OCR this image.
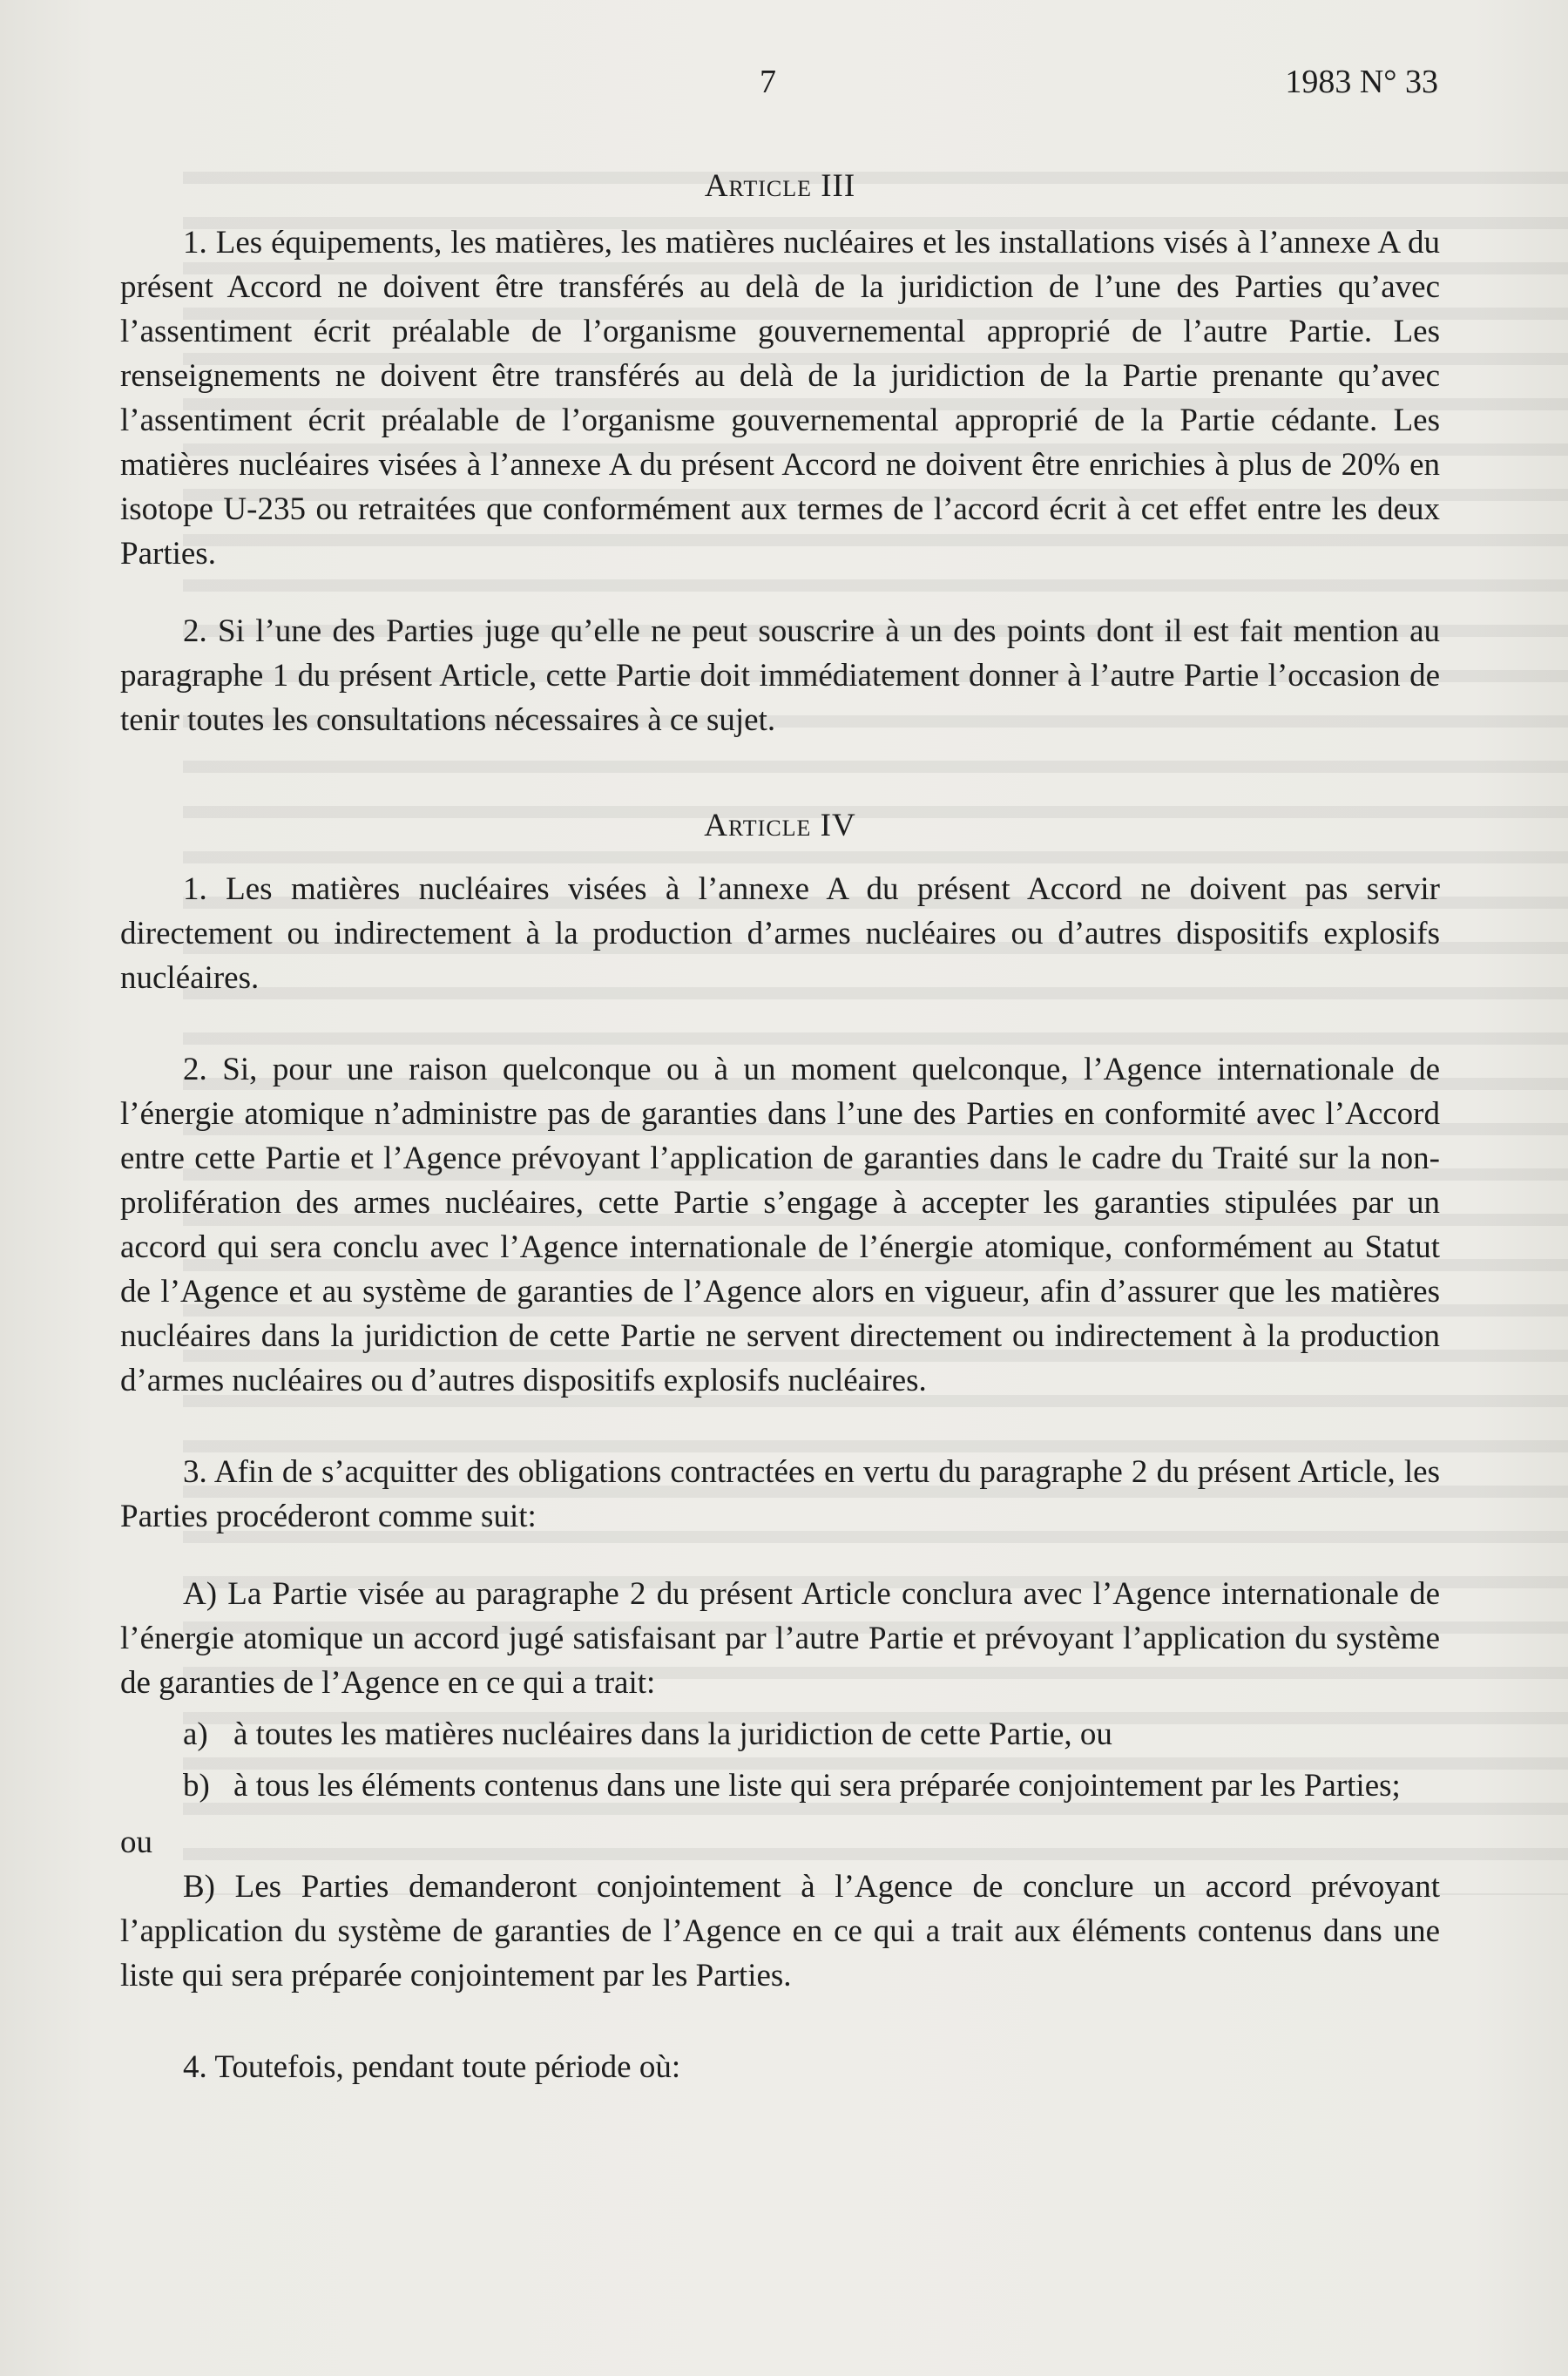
7	1983 N° 33
Article III

1. Les équipements, les matières, les matières nucléaires et les installations visés à l’annexe A du présent Accord ne doivent être transférés au delà de la juridiction de l’une des Parties qu’avec l’assentiment écrit préalable de l’organisme gouvernemental approprié de l’autre Partie. Les renseignements ne doivent être transférés au delà de la juridiction de la Partie prenante qu’avec l’assentiment écrit préalable de l’organisme gouvernemental approprié de la Partie cédante. Les matières nucléaires visées à l’annexe A du présent Accord ne doivent être enrichies à plus de 20% en isotope U-235 ou retraitées que conformément aux termes de l’accord écrit à cet effet entre les deux Parties.

2. Si l’une des Parties juge qu’elle ne peut souscrire à un des points dont il est fait mention au paragraphe 1 du présent Article, cette Partie doit immédiatement donner à l’autre Partie l’occasion de tenir toutes les consultations nécessaires à ce sujet.

Article IV

1. Les matières nucléaires visées à l’annexe A du présent Accord ne doivent pas servir directement ou indirectement à la production d’armes nucléaires ou d’autres dispositifs explosifs nucléaires.

2. Si, pour une raison quelconque ou à un moment quelconque, l’Agence internationale de l’énergie atomique n’administre pas de garanties dans l’une des Parties en conformité avec l’Accord entre cette Partie et l’Agence prévoyant l’application de garanties dans le cadre du Traité sur la non-prolifération des armes nucléaires, cette Partie s’engage à accepter les garanties stipulées par un accord qui sera conclu avec l’Agence internationale de l’énergie atomique, conformément au Statut de l’Agence et au système de garanties de l’Agence alors en vigueur, afin d’assurer que les matières nucléaires dans la juridiction de cette Partie ne servent directement ou indirectement à la production d’armes nucléaires ou d’autres dispositifs explosifs nucléaires.

3. Afin de s’acquitter des obligations contractées en vertu du paragraphe 2 du présent Article, les Parties procéderont comme suit:

A) La Partie visée au paragraphe 2 du présent Article conclura avec l’Agence internationale de l’énergie atomique un accord jugé satisfaisant par l’autre Partie et prévoyant l’application du système de garanties de l’Agence en ce qui a trait:

a) à toutes les matières nucléaires dans la juridiction de cette Partie, ou
b) à tous les éléments contenus dans une liste qui sera préparée conjointement par les Parties;

ou

B) Les Parties demanderont conjointement à l’Agence de conclure un accord prévoyant l’application du système de garanties de l’Agence en ce qui a trait aux éléments contenus dans une liste qui sera préparée conjointement par les Parties.

4. Toutefois, pendant toute période où:
